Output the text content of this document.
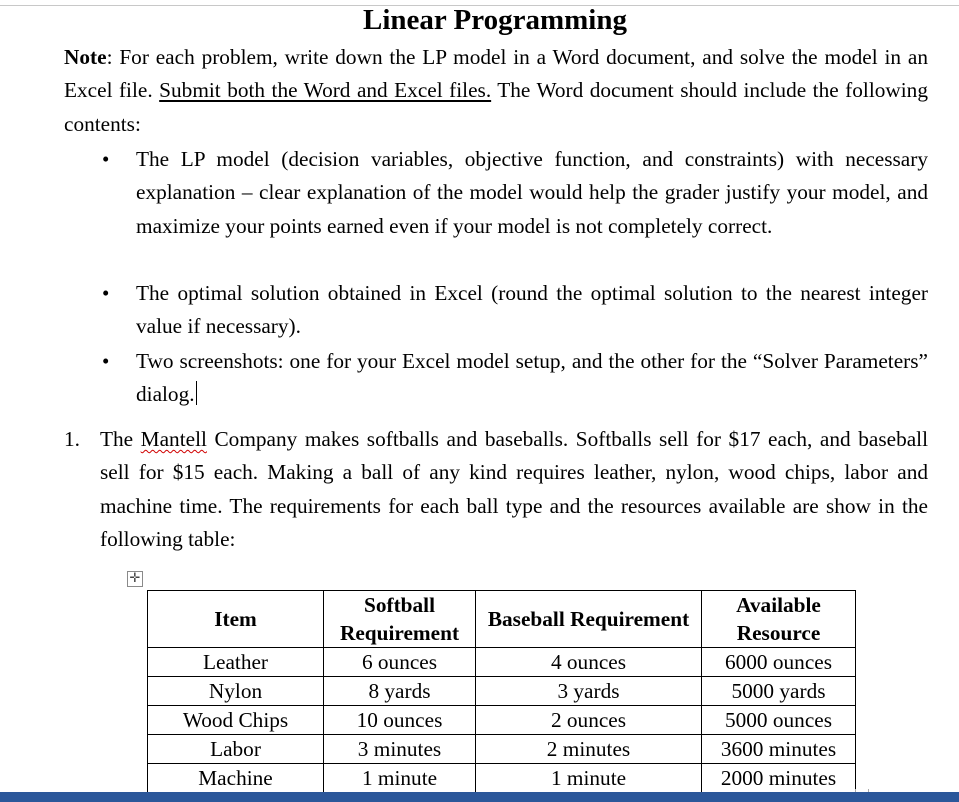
Linear Programming
Note: For each problem, write down the LP model in a Word document, and solve the model in an Excel file. Submit both the Word and Excel files. The Word document should include the following contents:
• The LP model (decision variables, objective function, and constraints) with necessary explanation – clear explanation of the model would help the grader justify your model, and maximize your points earned even if your model is not completely correct.
• The optimal solution obtained in Excel (round the optimal solution to the nearest integer value if necessary).
• Two screenshots: one for your Excel model setup, and the other for the “Solver Parameters” dialog.
1. The Mantell Company makes softballs and baseballs. Softballs sell for $17 each, and baseball sell for $15 each. Making a ball of any kind requires leather, nylon, wood chips, labor and machine time. The requirements for each ball type and the resources available are show in the following table:
✛
Item	Softball Requirement	Baseball Requirement	Available Resource
Leather	6 ounces	4 ounces	6000 ounces
Nylon	8 yards	3 yards	5000 yards
Wood Chips	10 ounces	2 ounces	5000 ounces
Labor	3 minutes	2 minutes	3600 minutes
Machine	1 minute	1 minute	2000 minutes
